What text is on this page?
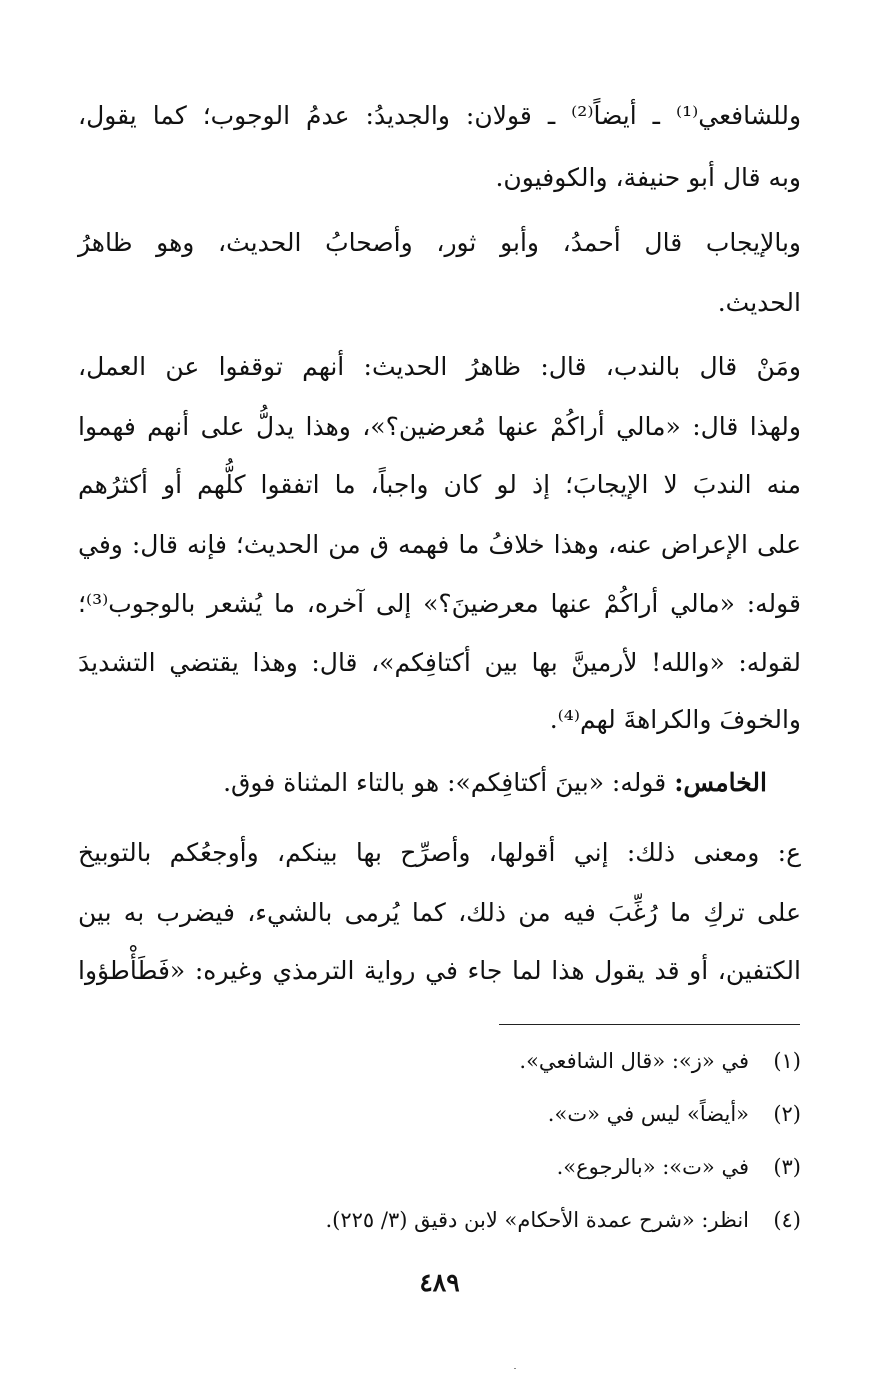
وللشافعي⁽¹⁾ ـ أيضاً⁽²⁾ ـ قولان: والجديدُ: عدمُ الوجوب؛ كما يقول،
وبه قال أبو حنيفة، والكوفيون.
وبالإيجاب قال أحمدُ، وأبو ثور، وأصحابُ الحديث، وهو ظاهرُ
الحديث.
ومَنْ قال بالندب، قال: ظاهرُ الحديث: أنهم توقفوا عن العمل،
ولهذا قال: «مالي أراكُمْ عنها مُعرضين؟»، وهذا يدلُّ على أنهم فهموا
منه الندبَ لا الإيجابَ؛ إذ لو كان واجباً، ما اتفقوا كلُّهم أو أكثرُهم
على الإعراض عنه، وهذا خلافُ ما فهمه ق من الحديث؛ فإنه قال: وفي
قوله: «مالي أراكُمْ عنها معرضينَ؟» إلى آخره، ما يُشعر بالوجوب⁽³⁾؛
لقوله: «والله! لأرمينَّ بها بين أكتافِكم»، قال: وهذا يقتضي التشديدَ
والخوفَ والكراهةَ لهم⁽⁴⁾.
الخامس: قوله: «بينَ أكتافِكم»: هو بالتاء المثناة فوق.
ع: ومعنى ذلك: إني أقولها، وأصرِّح بها بينكم، وأوجعُكم بالتوبيخ
على تركِ ما رُغِّبَ فيه من ذلك، كما يُرمى بالشيء، فيضرب به بين
الكتفين، أو قد يقول هذا لما جاء في رواية الترمذي وغيره: «فَطَأْطؤوا
(١)في «ز»: «قال الشافعي».
(٢)«أيضاً» ليس في «ت».
(٣)في «ت»: «بالرجوع».
(٤)انظر: «شرح عمدة الأحكام» لابن دقيق (٣/ ٢٢٥).
٤٨٩
